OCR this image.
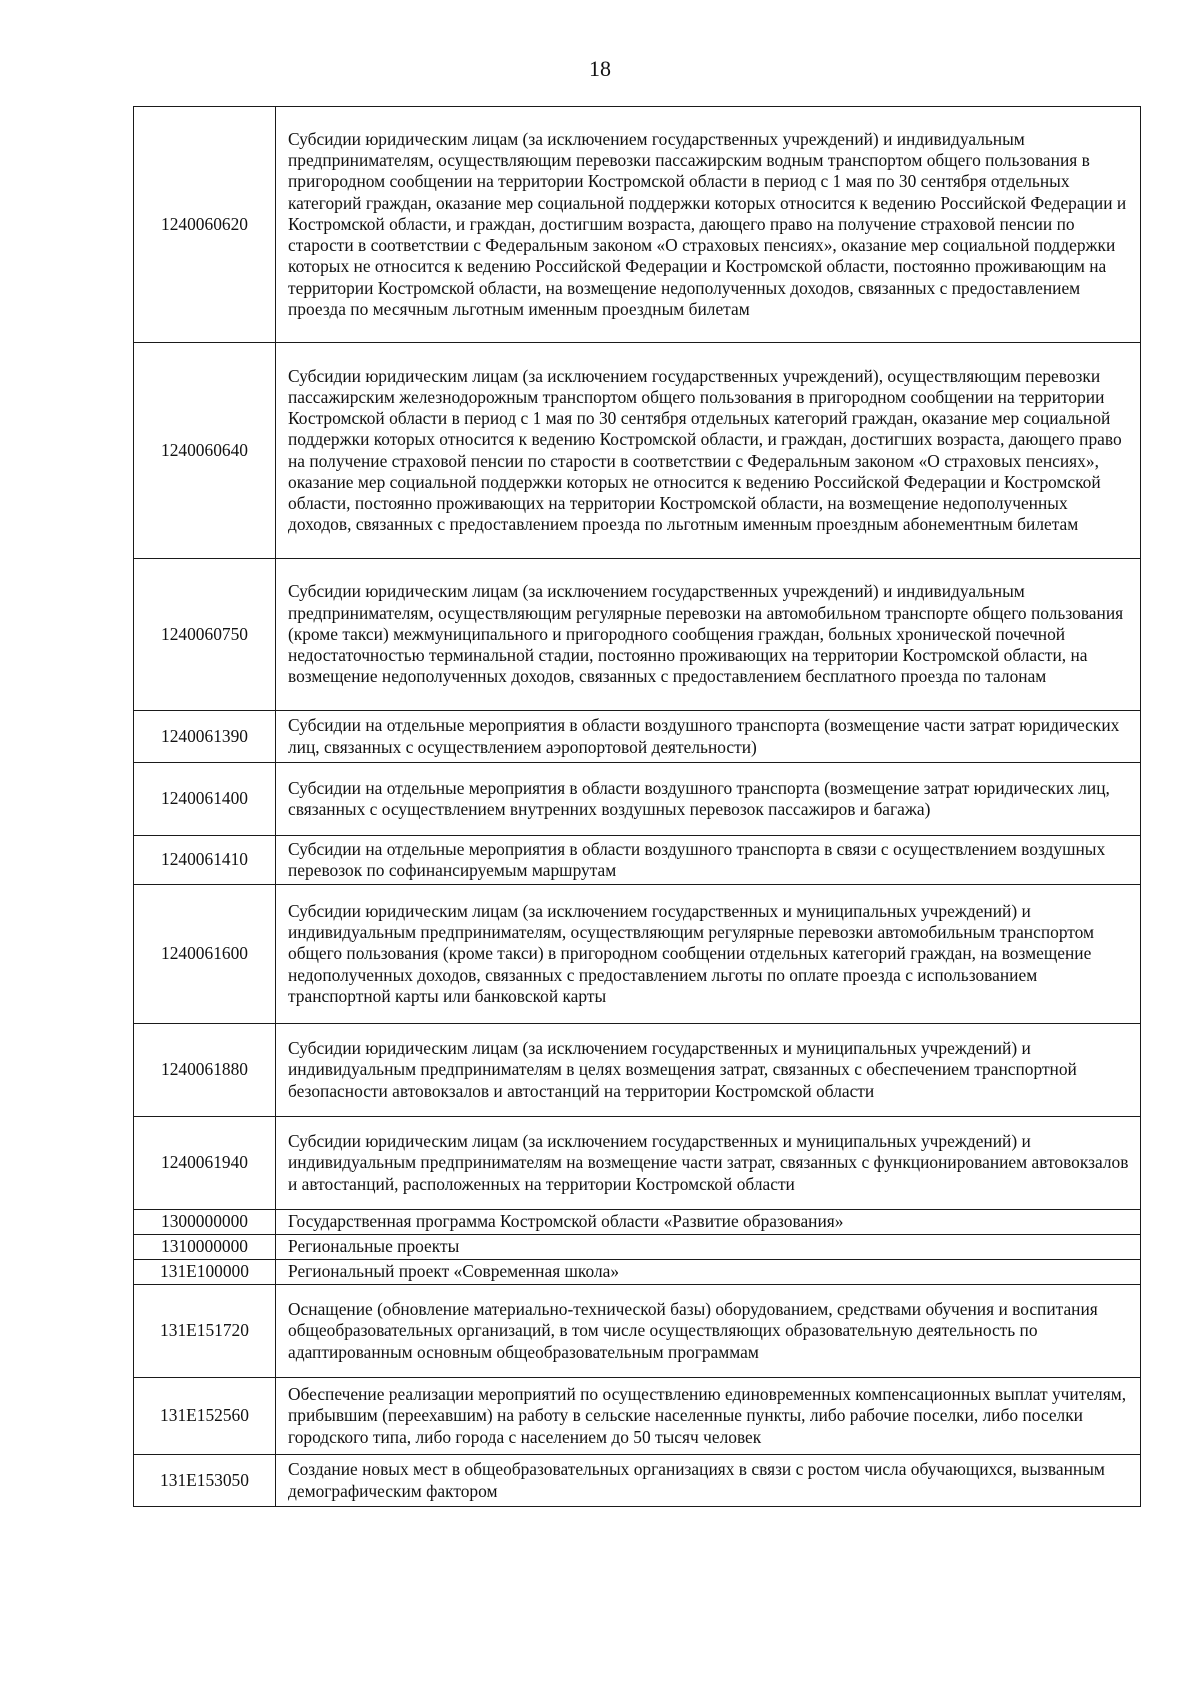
18
1240060620	Субсидии юридическим лицам (за исключением государственных учреждений) и индивидуальным предпринимателям, осуществляющим перевозки пассажирским водным транспортом общего пользования в пригородном сообщении на территории Костромской области в период с 1 мая по 30 сентября отдельных категорий граждан, оказание мер социальной поддержки которых относится к ведению Российской Федерации и Костромской области, и граждан, достигшим возраста, дающего право на получение страховой пенсии по старости в соответствии с Федеральным законом «О страховых пенсиях», оказание мер социальной поддержки которых не относится к ведению Российской Федерации и Костромской области, постоянно проживающим на территории Костромской области, на возмещение недополученных доходов, связанных с предоставлением проезда по месячным льготным именным проездным билетам
1240060640	Субсидии юридическим лицам (за исключением государственных учреждений), осуществляющим перевозки пассажирским железнодорожным транспортом общего пользования в пригородном сообщении на территории Костромской области в период с 1 мая по 30 сентября отдельных категорий граждан, оказание мер социальной поддержки которых относится к ведению Костромской области, и граждан, достигших возраста, дающего право на получение страховой пенсии по старости в соответствии с Федеральным законом «О страховых пенсиях», оказание мер социальной поддержки которых не относится к ведению Российской Федерации и Костромской области, постоянно проживающих на территории Костромской области, на возмещение недополученных доходов, связанных с предоставлением проезда по льготным именным проездным абонементным билетам
1240060750	Субсидии юридическим лицам (за исключением государственных учреждений) и индивидуальным предпринимателям, осуществляющим регулярные перевозки на автомобильном транспорте общего пользования (кроме такси) межмуниципального и пригородного сообщения граждан, больных хронической почечной недостаточностью терминальной стадии, постоянно проживающих на территории Костромской области, на возмещение недополученных доходов, связанных с предоставлением бесплатного проезда по талонам
1240061390	Субсидии на отдельные мероприятия в области воздушного транспорта (возмещение части затрат юридических лиц, связанных с осуществлением аэропортовой деятельности)
1240061400	Субсидии на отдельные мероприятия в области воздушного транспорта (возмещение затрат юридических лиц, связанных с осуществлением внутренних воздушных перевозок пассажиров и багажа)
1240061410	Субсидии на отдельные мероприятия в области воздушного транспорта в связи с осуществлением воздушных перевозок по софинансируемым маршрутам
1240061600	Субсидии юридическим лицам (за исключением государственных и муниципальных учреждений) и индивидуальным предпринимателям, осуществляющим регулярные перевозки автомобильным транспортом общего пользования (кроме такси) в пригородном сообщении отдельных категорий граждан, на возмещение недополученных доходов, связанных с предоставлением льготы по оплате проезда с использованием транспортной карты или банковской карты
1240061880	Субсидии юридическим лицам (за исключением государственных и муниципальных учреждений) и индивидуальным предпринимателям в целях возмещения затрат, связанных с обеспечением транспортной безопасности автовокзалов и автостанций на территории Костромской области
1240061940	Субсидии юридическим лицам (за исключением государственных и муниципальных учреждений) и индивидуальным предпринимателям на возмещение части затрат, связанных с функционированием автовокзалов и автостанций, расположенных на территории Костромской области
1300000000	Государственная программа Костромской области «Развитие образования»
1310000000	Региональные проекты
131E100000	Региональный проект «Современная школа»
131E151720	Оснащение (обновление материально-технической базы) оборудованием, средствами обучения и воспитания общеобразовательных организаций, в том числе осуществляющих образовательную деятельность по адаптированным основным общеобразовательным программам
131E152560	Обеспечение реализации мероприятий по осуществлению единовременных компенсационных выплат учителям, прибывшим (переехавшим) на работу в сельские населенные пункты, либо рабочие поселки, либо поселки городского типа, либо города с населением до 50 тысяч человек
131E153050	Создание новых мест в общеобразовательных организациях в связи с ростом числа обучающихся, вызванным демографическим фактором
